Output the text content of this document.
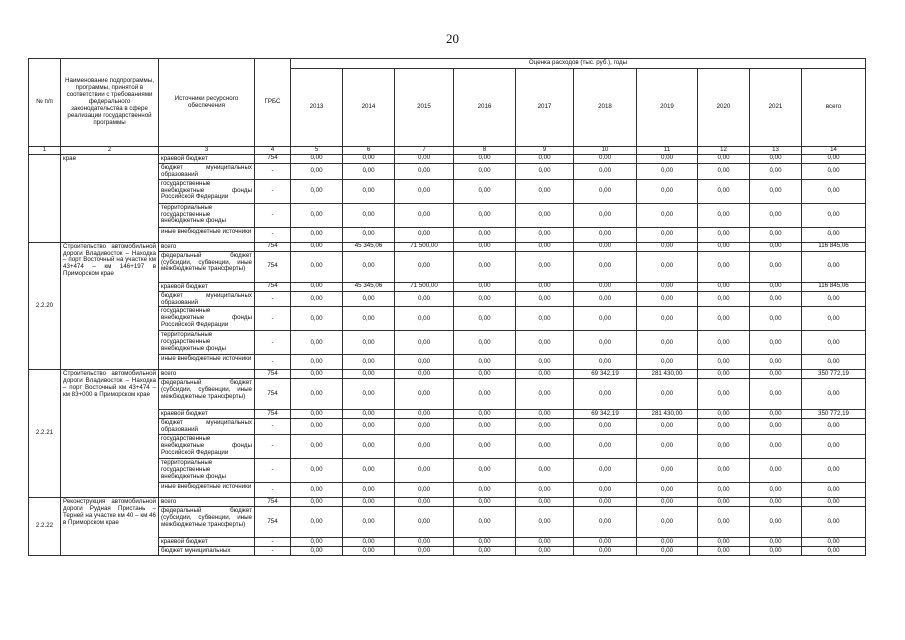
20
№ п/п	Наименование подпрограммы, программы, принятой в соответствии с требованиями федерального законодательства в сфере реализации государственной программы	Источники ресурсного обеспечения	ГРБС	Оценка расходов (тыс. руб.), годы									
				2013	2014	2015	2016	2017	2018	2019	2020	2021	всего
1	2	3	4	5	6	7	8	9	10	11	12	13	14
	крае	краевой бюджет	754	0,00	0,00	0,00	0,00	0,00	0,00	0,00	0,00	0,00	0,00
		бюджет муниципальных образований	-	0,00	0,00	0,00	0,00	0,00	0,00	0,00	0,00	0,00	0,00
		государственные внебюджетные фонды Российской Федерации	-	0,00	0,00	0,00	0,00	0,00	0,00	0,00	0,00	0,00	0,00
		территориальные государственные внебюджетные фонды	-	0,00	0,00	0,00	0,00	0,00	0,00	0,00	0,00	0,00	0,00
		иные внебюджетные источники	-	0,00	0,00	0,00	0,00	0,00	0,00	0,00	0,00	0,00	0,00
2.2.20	Строительство автомобильной дороги Владивосток – Находка – порт Восточный на участке км 43+474 – км 146+197 в Приморском крае	всего	754	0,00	45 345,06	71 500,00	0,00	0,00	0,00	0,00	0,00	0,00	116 845,06
		федеральный бюджет (субсидии, субвенции, иные межбюджетные трансферты)	754	0,00	0,00	0,00	0,00	0,00	0,00	0,00	0,00	0,00	0,00
		краевой бюджет	754	0,00	45 345,06	71 500,00	0,00	0,00	0,00	0,00	0,00	0,00	116 845,06
		бюджет муниципальных образований	-	0,00	0,00	0,00	0,00	0,00	0,00	0,00	0,00	0,00	0,00
		государственные внебюджетные фонды Российской Федерации	-	0,00	0,00	0,00	0,00	0,00	0,00	0,00	0,00	0,00	0,00
		территориальные государственные внебюджетные фонды	-	0,00	0,00	0,00	0,00	0,00	0,00	0,00	0,00	0,00	0,00
		иные внебюджетные источники	-	0,00	0,00	0,00	0,00	0,00	0,00	0,00	0,00	0,00	0,00
2.2.21	Строительство автомобильной дороги Владивосток – Находка – порт Восточный км 43+474 – км 83+000 в Приморском крае	всего	754	0,00	0,00	0,00	0,00	0,00	69 342,19	281 430,00	0,00	0,00	350 772,19
		федеральный бюджет (субсидии, субвенции, иные межбюджетные трансферты)	754	0,00	0,00	0,00	0,00	0,00	0,00	0,00	0,00	0,00	0,00
		краевой бюджет	754	0,00	0,00	0,00	0,00	0,00	69 342,19	281 430,00	0,00	0,00	350 772,19
		бюджет муниципальных образований	-	0,00	0,00	0,00	0,00	0,00	0,00	0,00	0,00	0,00	0,00
		государственные внебюджетные фонды Российской Федерации	-	0,00	0,00	0,00	0,00	0,00	0,00	0,00	0,00	0,00	0,00
		территориальные государственные внебюджетные фонды	-	0,00	0,00	0,00	0,00	0,00	0,00	0,00	0,00	0,00	0,00
		иные внебюджетные источники	-	0,00	0,00	0,00	0,00	0,00	0,00	0,00	0,00	0,00	0,00
2.2.22	Реконструкция автомобильной дороги Рудная Пристань – Терней на участке км 40 – км 46 в Приморском крае	всего	754	0,00	0,00	0,00	0,00	0,00	0,00	0,00	0,00	0,00	0,00
		федеральный бюджет (субсидии, субвенции, иные межбюджетные трансферты)	754	0,00	0,00	0,00	0,00	0,00	0,00	0,00	0,00	0,00	0,00
		краевой бюджет	-	0,00	0,00	0,00	0,00	0,00	0,00	0,00	0,00	0,00	0,00
		бюджет муниципальных	-	0,00	0,00	0,00	0,00	0,00	0,00	0,00	0,00	0,00	0,00
